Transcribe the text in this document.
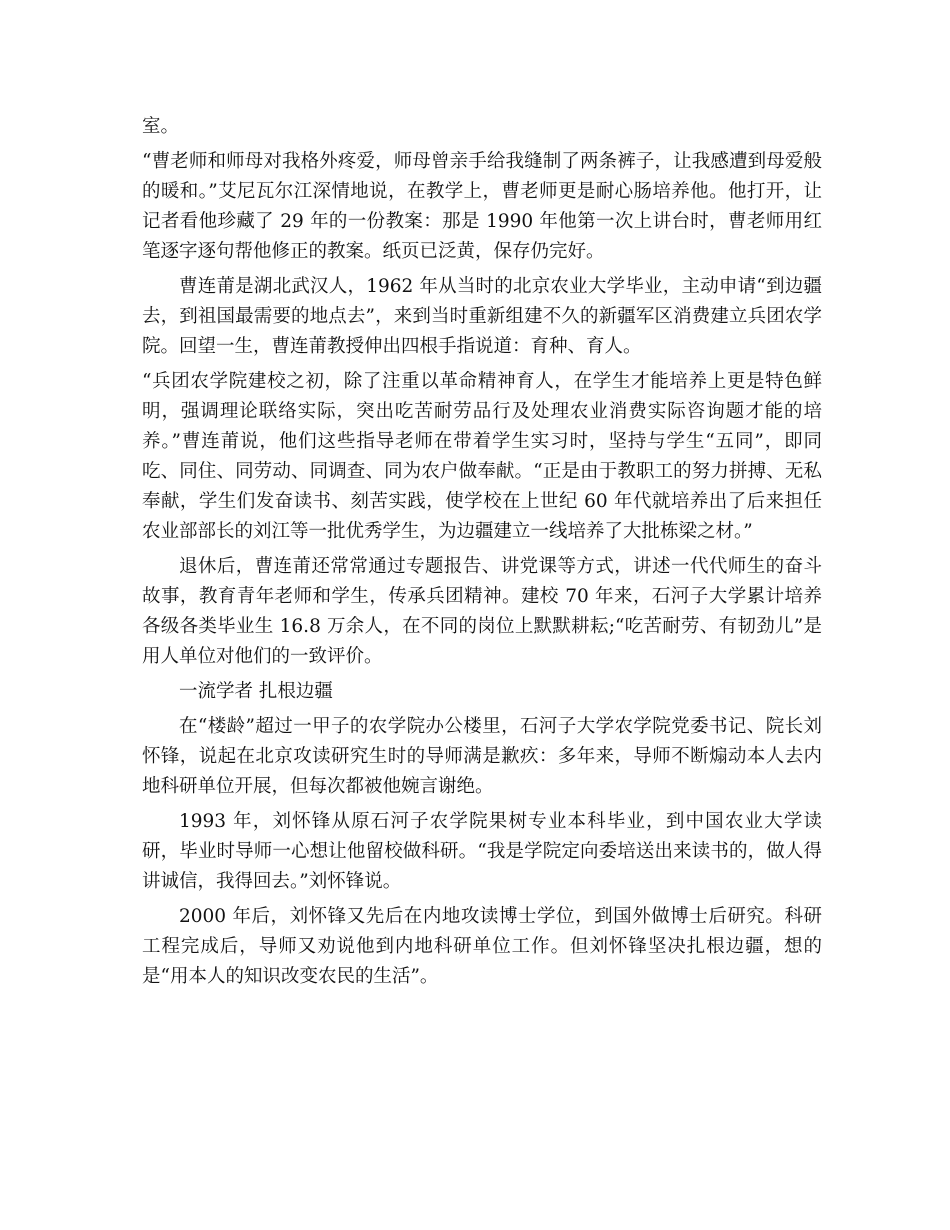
室。

“曹老师和师母对我格外疼爱，师母曾亲手给我缝制了两条裤子，让我感遭到母爱般的暖和。”艾尼瓦尔江深情地说，在教学上，曹老师更是耐心肠培养他。他打开，让记者看他珍藏了 29 年的一份教案：那是 1990 年他第一次上讲台时，曹老师用红笔逐字逐句帮他修正的教案。纸页已泛黄，保存仍完好。

曹连莆是湖北武汉人，1962 年从当时的北京农业大学毕业，主动申请“到边疆去，到祖国最需要的地点去”，来到当时重新组建不久的新疆军区消费建立兵团农学院。回望一生，曹连莆教授伸出四根手指说道：育种、育人。

“兵团农学院建校之初，除了注重以革命精神育人，在学生才能培养上更是特色鲜明，强调理论联络实际，突出吃苦耐劳品行及处理农业消费实际咨询题才能的培养。”曹连莆说，他们这些指导老师在带着学生实习时，坚持与学生“五同”，即同吃、同住、同劳动、同调查、同为农户做奉献。“正是由于教职工的努力拼搏、无私奉献，学生们发奋读书、刻苦实践，使学校在上世纪 60 年代就培养出了后来担任农业部部长的刘江等一批优秀学生，为边疆建立一线培养了大批栋梁之材。”

退休后，曹连莆还常常通过专题报告、讲党课等方式，讲述一代代师生的奋斗故事，教育青年老师和学生，传承兵团精神。建校 70 年来，石河子大学累计培养各级各类毕业生 16.8 万余人，在不同的岗位上默默耕耘;“吃苦耐劳、有韧劲儿”是用人单位对他们的一致评价。

一流学者 扎根边疆

在“楼龄”超过一甲子的农学院办公楼里，石河子大学农学院党委书记、院长刘怀锋，说起在北京攻读研究生时的导师满是歉疚：多年来，导师不断煽动本人去内地科研单位开展，但每次都被他婉言谢绝。

1993 年，刘怀锋从原石河子农学院果树专业本科毕业，到中国农业大学读研，毕业时导师一心想让他留校做科研。“我是学院定向委培送出来读书的，做人得讲诚信，我得回去。”刘怀锋说。

2000 年后，刘怀锋又先后在内地攻读博士学位，到国外做博士后研究。科研工程完成后，导师又劝说他到内地科研单位工作。但刘怀锋坚决扎根边疆，想的是“用本人的知识改变农民的生活”。
